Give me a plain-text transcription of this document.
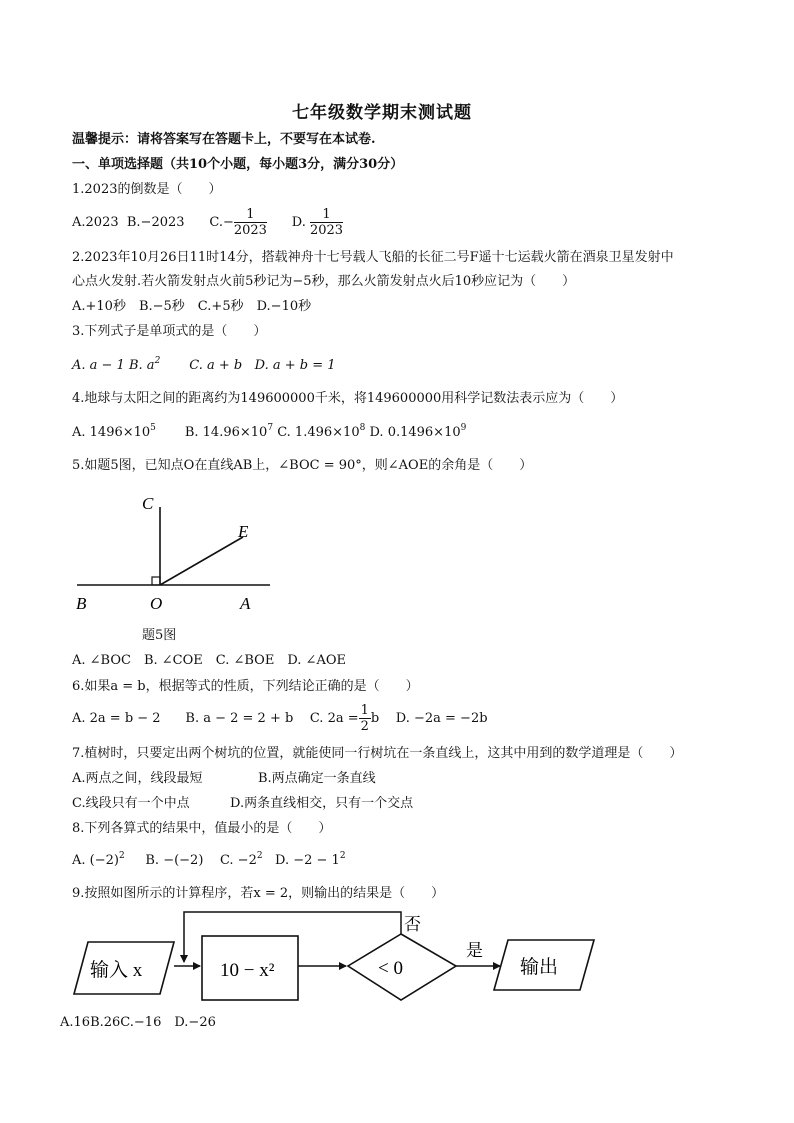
七年级数学期末测试题
温馨提示：请将答案写在答题卡上，不要写在本试卷.
一、单项选择题（共10个小题，每小题3分，满分30分）
1.2023的倒数是（　　）
A.2023 B.−2023 $C.- \frac{1}{2023} D$. $\frac{1}{2023}$
2.2023年10月26日11时14分，搭载神舟十七号载人飞船的长征二号F遥十七运载火箭在酒泉卫星发射中
心点火发射.若火箭发射点火前5秒记为−5秒，那么火箭发射点火后10秒应记为（　　）
A.+10秒　B.−5秒　C.+5秒　D.−10秒
3.下列式子是单项式的是（　　）
A. a − 1 B. $a^2$ C. a + b D. a + b = 1
4.地球与太阳之间的距离约为149600000千米，将149600000用科学记数法表示应为（　　）
A. $1496\times 10^5$ B. $14.96\times 10^7$ C. $1.496\times 10^8$ D. $0.1496\times 10^9$
5.如题5图，已知点O在直线AB上，∠BOC = 90°，则∠AOE的余角是（　　）
C
E
B	O	A
题5图
A. ∠BOC　B. ∠COE　C. ∠BOE　D. ∠AOE
6.如果a = b，根据等式的性质，下列结论正确的是（　　）
A. 2a = b − 2 B. a − 2 = 2 + b C. $2a = \frac{1}{2}$ b D. −2a = −2b
7.植树时，只要定出两个树坑的位置，就能使同一行树坑在一条直线上，这其中用到的数学道理是（　　）
A.两点之间，线段最短	B.两点确定一条直线
C.线段只有一个中点	D.两条直线相交，只有一个交点
8.下列各算式的结果中，值最小的是（　　）
A. $(-2)^2$ B. −(−2) C. $-2^2$ D. $-2 - 1^2$
9.按照如图所示的计算程序，若x = 2，则输出的结果是（　　）
输入 x	10 − x²	< 0
否
是
输出
A.16B.26C.−16　D.−26
